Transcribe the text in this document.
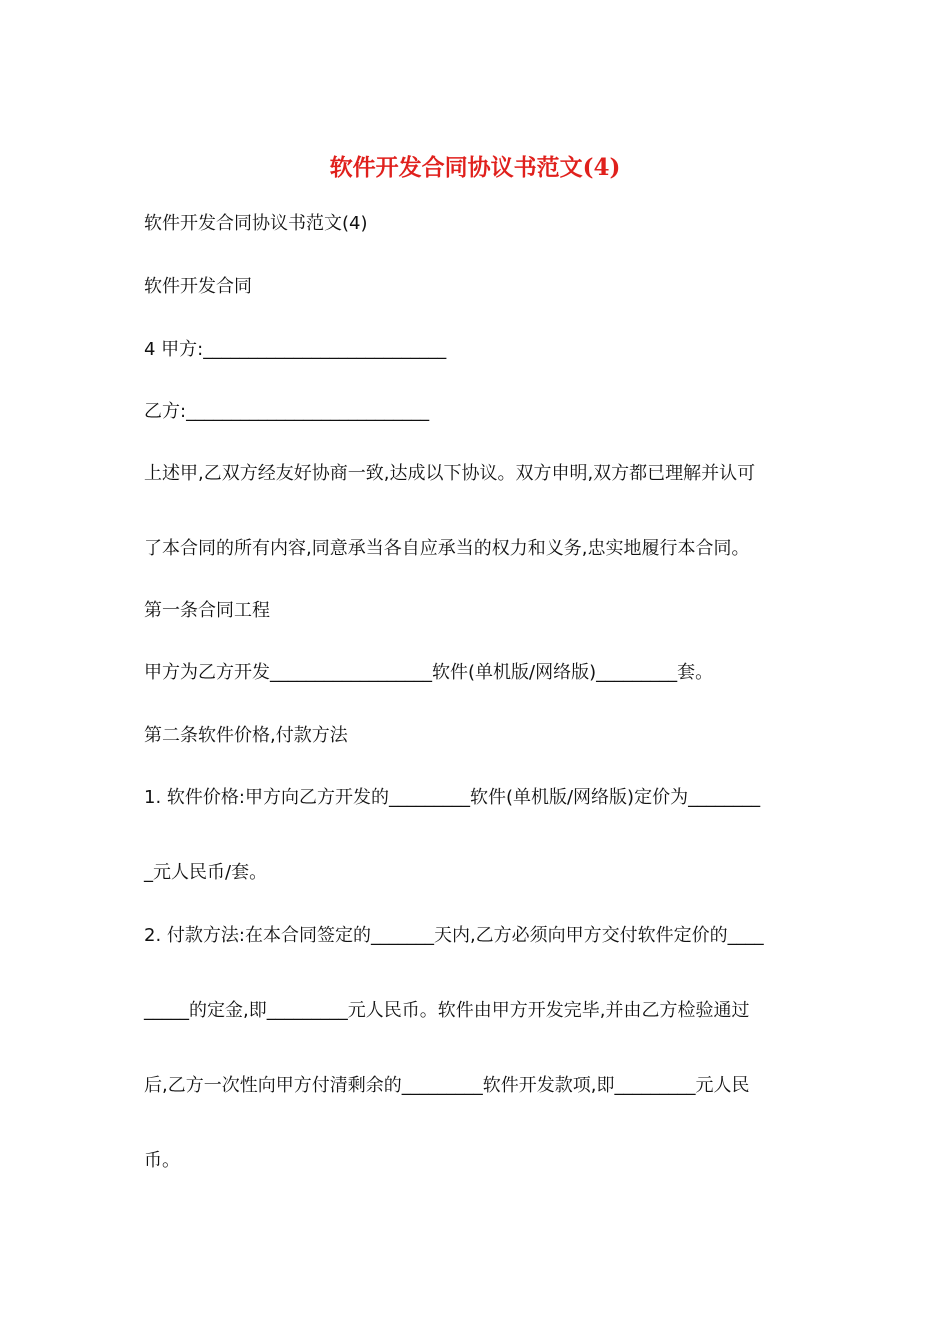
软件开发合同协议书范文(4)
软件开发合同协议书范文(4)
软件开发合同
4 甲方:___________________________
乙方:___________________________
上述甲,乙双方经友好协商一致,达成以下协议。双方申明,双方都已理解并认可
了本合同的所有内容,同意承当各自应承当的权力和义务,忠实地履行本合同。
第一条合同工程
甲方为乙方开发__________________软件(单机版/网络版)_________套。
第二条软件价格,付款方法
1. 软件价格:甲方向乙方开发的_________软件(单机版/网络版)定价为________
_元人民币/套。
2. 付款方法:在本合同签定的_______天内,乙方必须向甲方交付软件定价的____
_____的定金,即_________元人民币。软件由甲方开发完毕,并由乙方检验通过
后,乙方一次性向甲方付清剩余的_________软件开发款项,即_________元人民
币。
